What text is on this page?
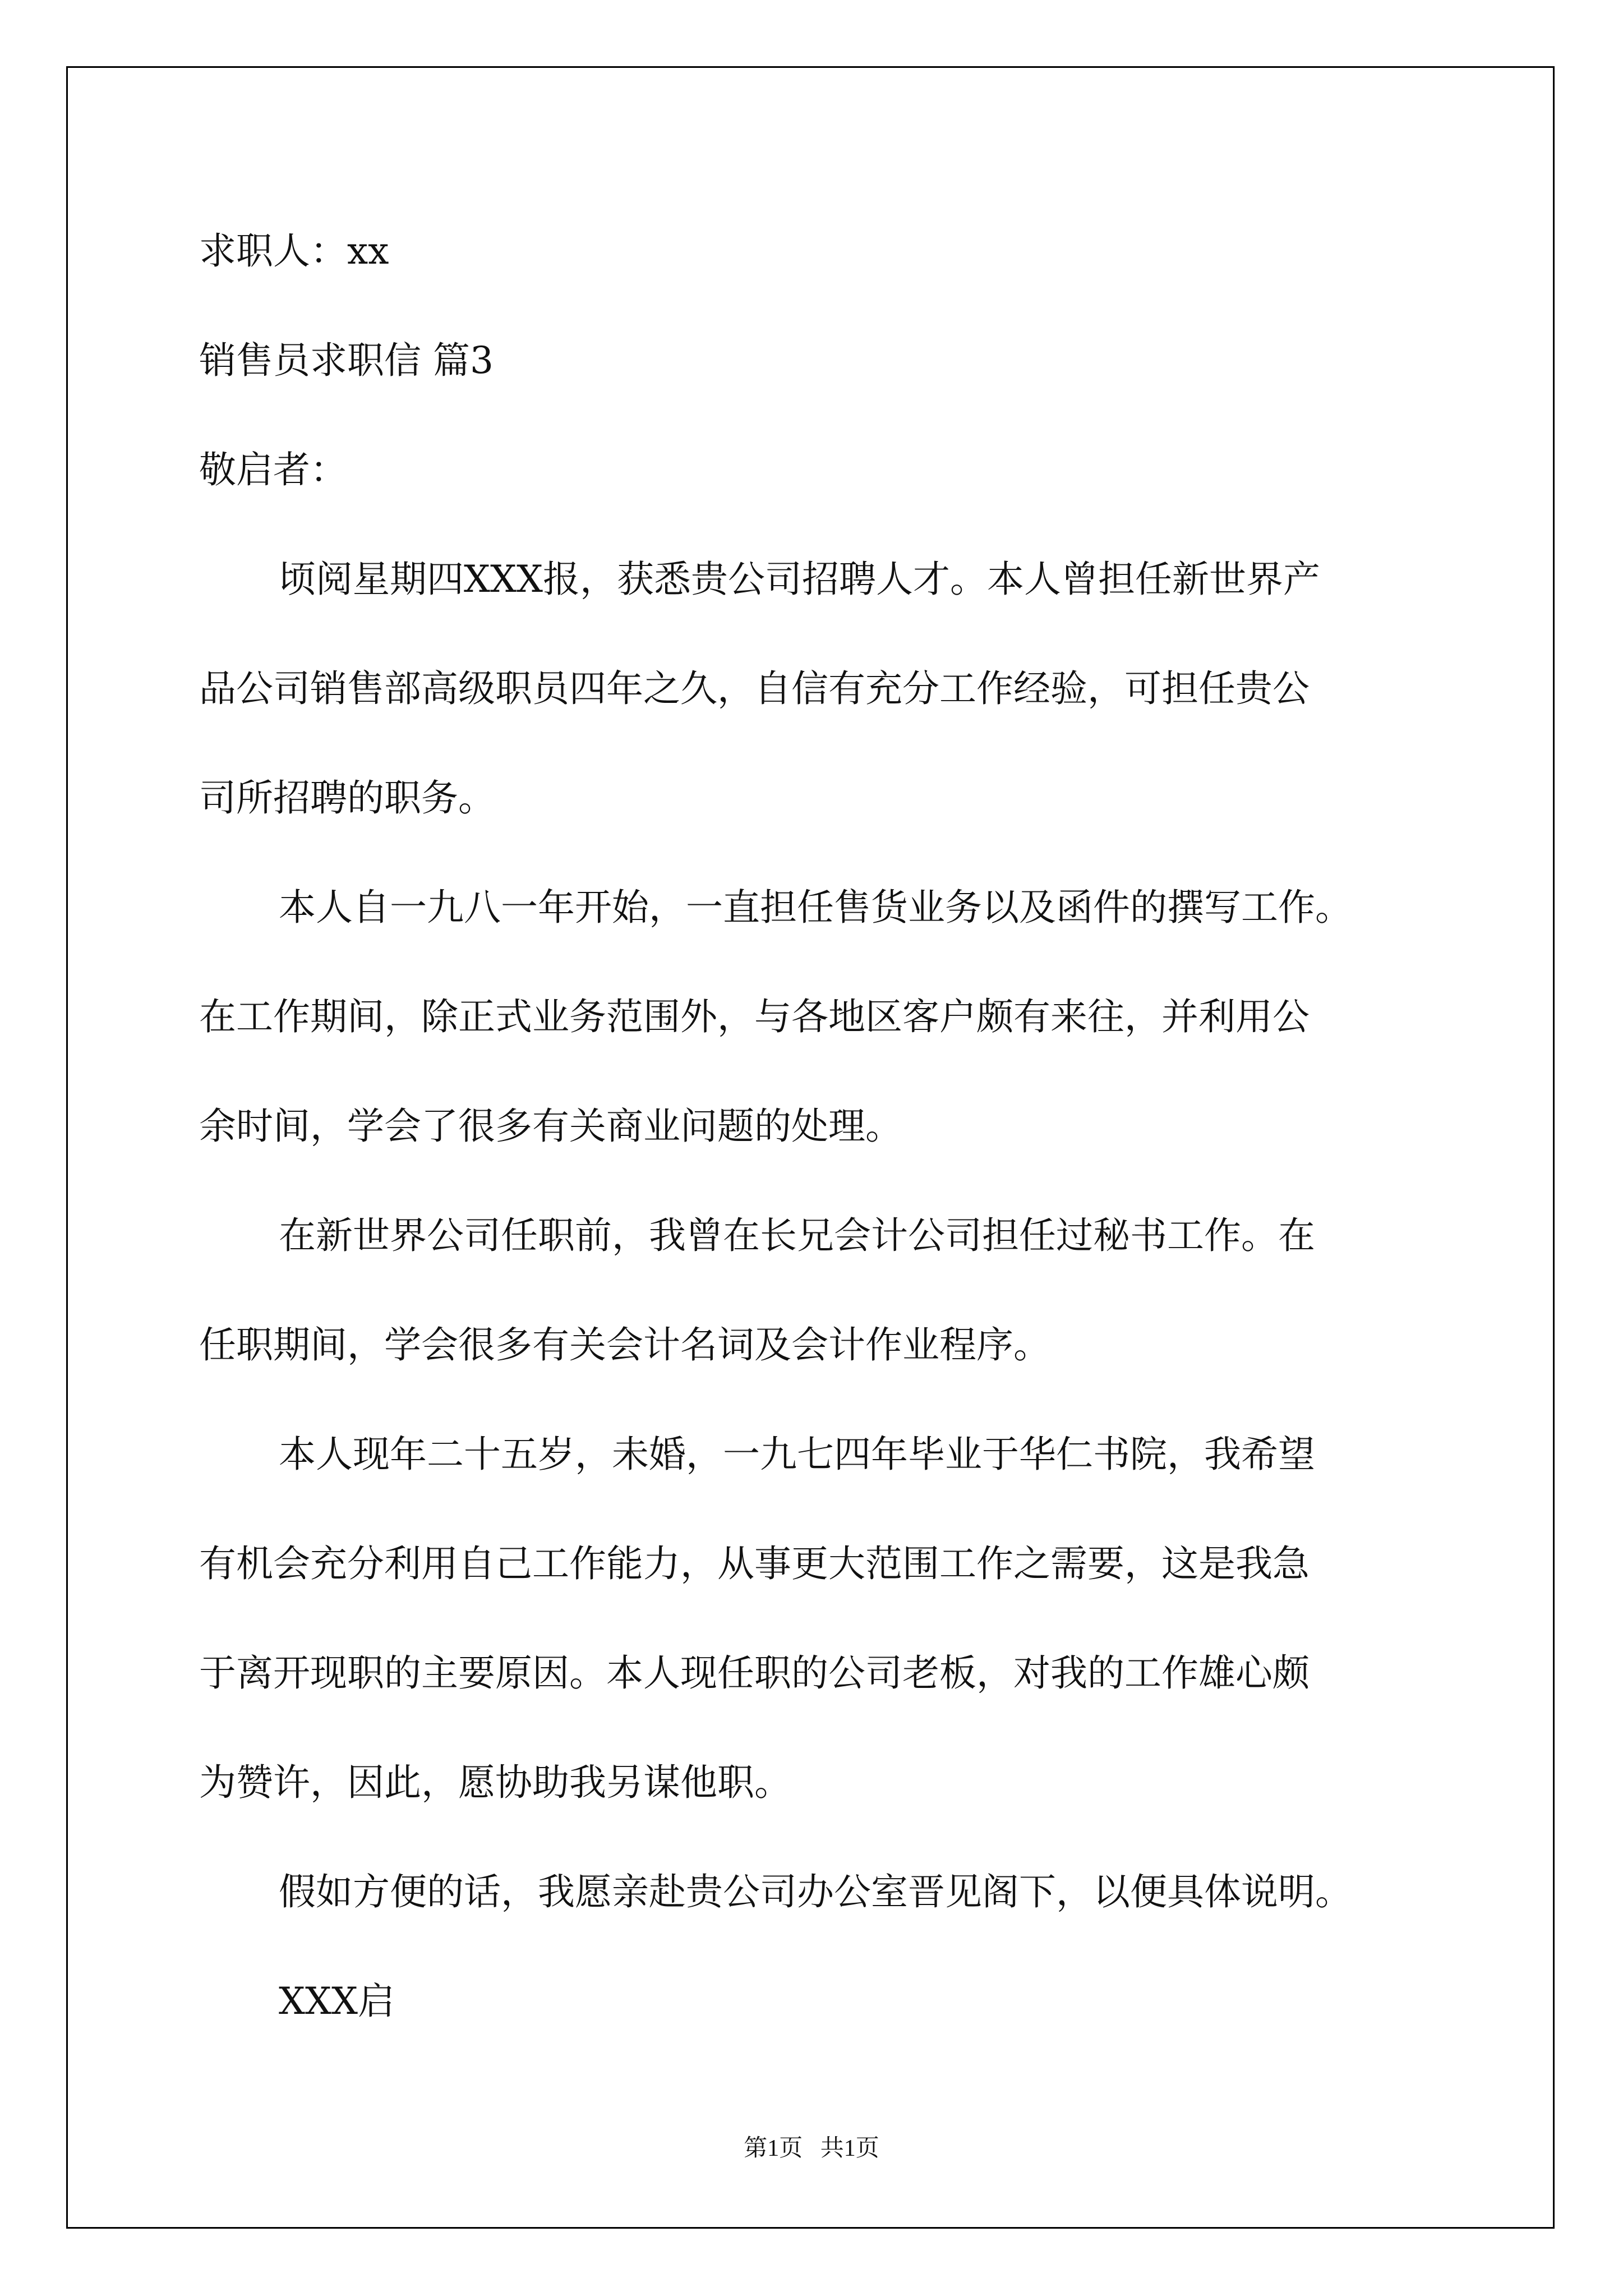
求职人：xx
销售员求职信 篇3
敬启者：
顷阅星期四XXX报，获悉贵公司招聘人才。本人曾担任新世界产
品公司销售部高级职员四年之久，自信有充分工作经验，可担任贵公
司所招聘的职务。
本人自一九八一年开始，一直担任售货业务以及函件的撰写工作。
在工作期间，除正式业务范围外，与各地区客户颇有来往，并利用公
余时间，学会了很多有关商业问题的处理。
在新世界公司任职前，我曾在长兄会计公司担任过秘书工作。在
任职期间，学会很多有关会计名词及会计作业程序。
本人现年二十五岁，未婚，一九七四年毕业于华仁书院，我希望
有机会充分利用自己工作能力，从事更大范围工作之需要，这是我急
于离开现职的主要原因。本人现任职的公司老板，对我的工作雄心颇
为赞许，因此，愿协助我另谋他职。
假如方便的话，我愿亲赴贵公司办公室晋见阁下，以便具体说明。
XXX启
第1页   共1页
